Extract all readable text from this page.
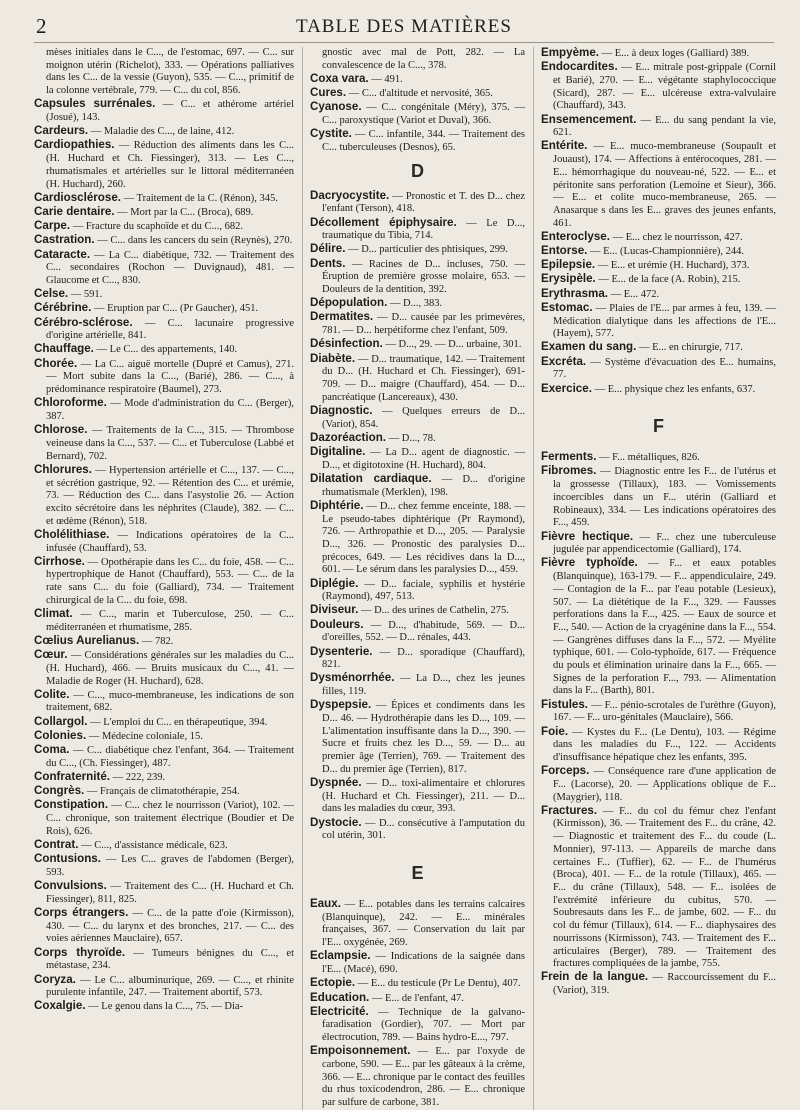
2	TABLE DES MATIÈRES

mèses initiales dans le C..., de l'estomac, 697. — C... sur moignon utérin (Richelot), 333. — Opérations palliatives dans les C... de la vessie (Guyon), 535. — C..., primitif de la colonne vertébrale, 779. — C... du col, 856.

Capsules surrénales. — C... et athérome artériel (Josué), 143.

Cardeurs. — Maladie des C..., de laine, 412.

Cardiopathies. — Réduction des aliments dans les C... (H. Huchard et Ch. Fiessinger), 313. — Les C..., rhumatismales et artérielles sur le littoral méditerranéen (H. Huchard), 260.

Cardiosclérose. — Traitement de la C. (Rénon), 345.

Carie dentaire. — Mort par la C... (Broca), 689.

Carpe. — Fracture du scaphoïde et du C..., 682.

Castration. — C... dans les cancers du sein (Reynès), 270.

Cataracte. — La C... diabétique, 732. — Traitement des C... secondaires (Rochon — Duvignaud), 481. — Glaucome et C..., 830.

Celse. — 591.

Cérébrine. — Eruption par C... (Pr Gaucher), 451.

Cérébro-sclérose. — C... lacunaire progressive d'origine artérielle, 841.

Chauffage. — Le C... des appartements, 140.

Chorée. — La C... aiguë mortelle (Dupré et Camus), 271. — Mort subite dans la C..., (Barié), 286. — C..., à prédominance respiratoire (Baumel), 273.

Chloroforme. — Mode d'administration du C... (Berger), 387.

Chlorose. — Traitements de la C..., 315. — Thrombose veineuse dans la C..., 537. — C... et Tuberculose (Labbé et Bernard), 702.

Chlorures. — Hypertension artérielle et C..., 137. — C..., et sécrétion gastrique, 92. — Rétention des C... et urémie, 73. — Réduction des C... dans l'asystolie 26. — Action excito sécrétoire dans les néphrites (Claude), 382. — C... et œdème (Rénon), 518.

Cholélithiase. — Indications opératoires de la C... infusée (Chauffard), 53.

Cirrhose. — Opothérapie dans les C... du foie, 458. — C... hypertrophique de Hanot (Chauffard), 553. — C... de la rate sans C... du foie (Galliard), 734. — Traitement chirurgical de la C... du foie, 698.

Climat. — C..., marin et Tuberculose, 250. — C... méditerranéen et rhumatisme, 285.

Cœlius Aurelianus. — 782.

Cœur. — Considérations générales sur les maladies du C... (H. Huchard), 466. — Bruits musicaux du C..., 41. — Maladie de Roger (H. Huchard), 628.

Colite. — C..., muco-membraneuse, les indications de son traitement, 682.

Collargol. — L'emploi du C... en thérapeutique, 394.

Colonies. — Médecine coloniale, 15.

Coma. — C... diabétique chez l'enfant, 364. — Traitement du C..., (Ch. Fiessinger), 487.

Confraternité. — 222, 239.

Congrès. — Français de climatothérapie, 254.

Constipation. — C... chez le nourrisson (Variot), 102. — C... chronique, son traitement électrique (Boudier et De Rois), 626.

Contrat. — C..., d'assistance médicale, 623.

Contusions. — Les C... graves de l'abdomen (Berger), 593.

Convulsions. — Traitement des C... (H. Huchard et Ch. Fiessinger), 811, 825.

Corps étrangers. — C... de la patte d'oie (Kirmisson), 430. — C... du larynx et des bronches, 217. — C... des voies aériennes Mauclaire), 657.

Corps thyroïde. — Tumeurs bénignes du C..., et métastase, 234.

Coryza. — Le C... albuminurique, 269. — C..., et rhinite purulente infantile, 247. — Traitement abortif, 573.

Coxalgie. — Le genou dans la C..., 75. — Dia-

gnostic avec mal de Pott, 282. — La convalescence de la C..., 378.

Coxa vara. — 491.

Cures. — C... d'altitude et nervosité, 365.

Cyanose. — C... congénitale (Méry), 375. — C... paroxystique (Variot et Duval), 366.

Cystite. — C... infantile, 344. — Traitement des C... tuberculeuses (Desnos), 65.

D

Dacryocystite. — Pronostic et T. des D... chez l'enfant (Terson), 418.

Décollement épiphysaire. — Le D..., traumatique du Tibia, 714.

Délire. — D... particulier des phtisiques, 299.

Dents. — Racines de D... incluses, 750. — Éruption de première grosse molaire, 653. — Douleurs de la dentition, 392.

Dépopulation. — D..., 383.

Dermatites. — D... causée par les primevères, 781. — D... herpétiforme chez l'enfant, 509.

Désinfection. — D..., 29. — D... urbaine, 301.

Diabète. — D... traumatique, 142. — Traitement du D... (H. Huchard et Ch. Fiessinger), 691-709. — D... maigre (Chauffard), 454. — D... pancréatique (Lancereaux), 430.

Diagnostic. — Quelques erreurs de D... (Variot), 854.

Dazoréaction. — D..., 78.

Digitaline. — La D... agent de diagnostic. — D..., et digitotoxine (H. Huchard), 804.

Dilatation cardiaque. — D... d'origine rhumatismale (Merklen), 198.

Diphtérie. — D... chez femme enceinte, 188. — Le pseudo-tabes diphtérique (Pr Raymond), 726. — Arthropathie et D..., 205. — Paralysie D..., 326. — Pronostic des paralysies D... précoces, 649. — Les récidives dans la D..., 601. — Le sérum dans les paralysies D..., 459.

Diplégie. — D... faciale, syphilis et hystérie (Raymond), 497, 513.

Diviseur. — D... des urines de Cathelin, 275.

Douleurs. — D..., d'habitude, 569. — D... d'oreilles, 552. — D... rénales, 443.

Dysenterie. — D... sporadique (Chauffard), 821.

Dysménorrhée. — La D..., chez les jeunes filles, 119.

Dyspepsie. — Épices et condiments dans les D... 46. — Hydrothérapie dans les D..., 109. — L'alimentation insuffisante dans la D..., 390. — Sucre et fruits chez les D..., 59. — D... au premier âge (Terrien), 769. — Traitement des D... du premier âge (Terrien), 817.

Dyspnée. — D... toxi-alimentaire et chlorures (H. Huchard et Ch. Fiessinger), 211. — D... dans les maladies du cœur, 393.

Dystocie. — D... consécutive à l'amputation du col utérin, 301.

E

Eaux. — E... potables dans les terrains calcaires (Blanquinque), 242. — E... minérales françaises, 367. — Conservation du lait par l'E... oxygénée, 269.

Eclampsie. — Indications de la saignée dans l'E... (Macé), 690.

Ectopie. — E... du testicule (Pr Le Dentu), 407.

Education. — E... de l'enfant, 47.

Electricité. — Technique de la galvano-faradisation (Gordier), 707. — Mort par électrocution, 789. — Bains hydro-E..., 797.

Empoisonnement. — E... par l'oxyde de carbone, 590. — E... par les gâteaux à la crème, 366. — E... chronique par le contact des feuilles du rhus toxicodendron, 286. — E... chronique par sulfure de carbone, 381.

Empyème. — E... à deux loges (Galliard) 389.

Endocardites. — E... mitrale post-grippale (Cornil et Barié), 270. — E... végétante staphylococcique (Sicard), 287. — E... ulcéreuse extra-valvulaire (Chauffard), 343.

Ensemencement. — E... du sang pendant la vie, 621.

Entérite. — E... muco-membraneuse (Soupault et Jouaust), 174. — Affections à entérocoques, 281. — E... hémorrhagique du nouveau-né, 522. — E... et péritonite sans perforation (Lemoine et Sieur), 366. — E... et colite muco-membraneuse, 265. — Anasarque s dans les E... graves des jeunes enfants, 461.

Enteroclyse. — E... chez le nourrisson, 427.

Entorse. — E... (Lucas-Championnière), 244.

Epilepsie. — E... et urémie (H. Huchard), 373.

Erysipèle. — E... de la face (A. Robin), 215.

Erythrasma. — E... 472.

Estomac. — Plaies de l'E... par armes à feu, 139. — Médication dialytique dans les affections de l'E... (Hayem), 577.

Examen du sang. — E... en chirurgie, 717.

Excréta. — Système d'évacuation des E... humains, 77.

Exercice. — E... physique chez les enfants, 637.

F

Ferments. — F... métalliques, 826.

Fibromes. — Diagnostic entre les F... de l'utérus et la grossesse (Tillaux), 183. — Vomissements incoercibles dans un F... utérin (Galliard et Robineaux), 334. — Les indications opératoires des F..., 459.

Fièvre hectique. — F... chez une tuberculeuse jugulée par appendicectomie (Galliard), 174.

Fièvre typhoïde. — F... et eaux potables (Blanquinque), 163-179. — F... appendiculaire, 249. — Contagion de la F... par l'eau potable (Lesieux), 507. — La diététique de la F..., 329. — Fausses perforations dans la F..., 425. — Eaux de source et F..., 540. — Action de la cryagénine dans la F..., 554. — Gangrènes diffuses dans la F..., 572. — Myélite typhique, 601. — Colo-typhoïde, 617. — Fréquence du pouls et élimination urinaire dans la F..., 665. — Signes de la perforation F..., 793. — Alimentation dans la F... (Barth), 801.

Fistules. — F... pénio-scrotales de l'urèthre (Guyon), 167. — F... uro-génitales (Mauclaire), 566.

Foie. — Kystes du F... (Le Dentu), 103. — Régime dans les maladies du F..., 122. — Accidents d'insuffisance hépatique chez les enfants, 395.

Forceps. — Conséquence rare d'une application de F... (Lacorse), 20. — Applications oblique de F... (Maygrier), 118.

Fractures. — F... du col du fémur chez l'enfant (Kirmisson), 36. — Traitement des F... du crâne, 42. — Diagnostic et traitement des F... du coude (L. Monnier), 97-113. — Appareils de marche dans certaines F... (Tuffier), 62. — F... de l'humérus (Broca), 401. — F... de la rotule (Tillaux), 465. — F... du crâne (Tillaux), 548. — F... isolées de l'extrémité inférieure du cubitus, 570. — Soubresauts dans les F... de jambe, 602. — F... du col du fémur (Tillaux), 614. — F... diaphysaires des nourrissons (Kirmisson), 743. — Traitement des F... articulaires (Berger), 789. — Traitement des fractures compliquées de la jambe, 755.

Frein de la langue. — Raccourcissement du F... (Variot), 319.
